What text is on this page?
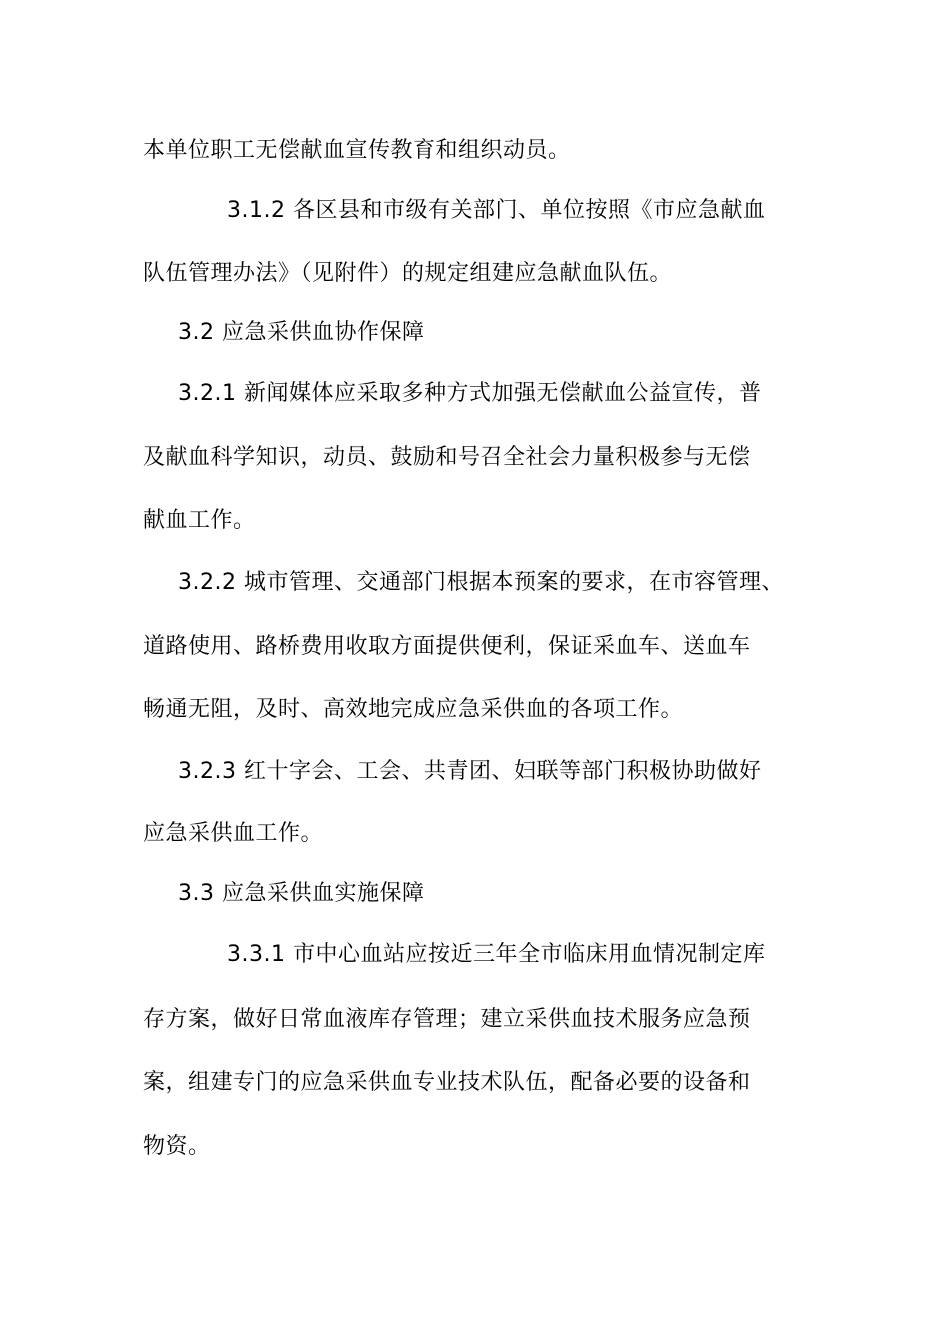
本单位职工无偿献血宣传教育和组织动员。
3.1.2 各区县和市级有关部门、单位按照《市应急献血
队伍管理办法》（见附件）的规定组建应急献血队伍。
3.2 应急采供血协作保障
3.2.1 新闻媒体应采取多种方式加强无偿献血公益宣传，普
及献血科学知识，动员、鼓励和号召全社会力量积极参与无偿
献血工作。
3.2.2 城市管理、交通部门根据本预案的要求，在市容管理、
道路使用、路桥费用收取方面提供便利，保证采血车、送血车
畅通无阻，及时、高效地完成应急采供血的各项工作。
3.2.3 红十字会、工会、共青团、妇联等部门积极协助做好
应急采供血工作。
3.3 应急采供血实施保障
3.3.1 市中心血站应按近三年全市临床用血情况制定库
存方案，做好日常血液库存管理；建立采供血技术服务应急预
案，组建专门的应急采供血专业技术队伍，配备必要的设备和
物资。
